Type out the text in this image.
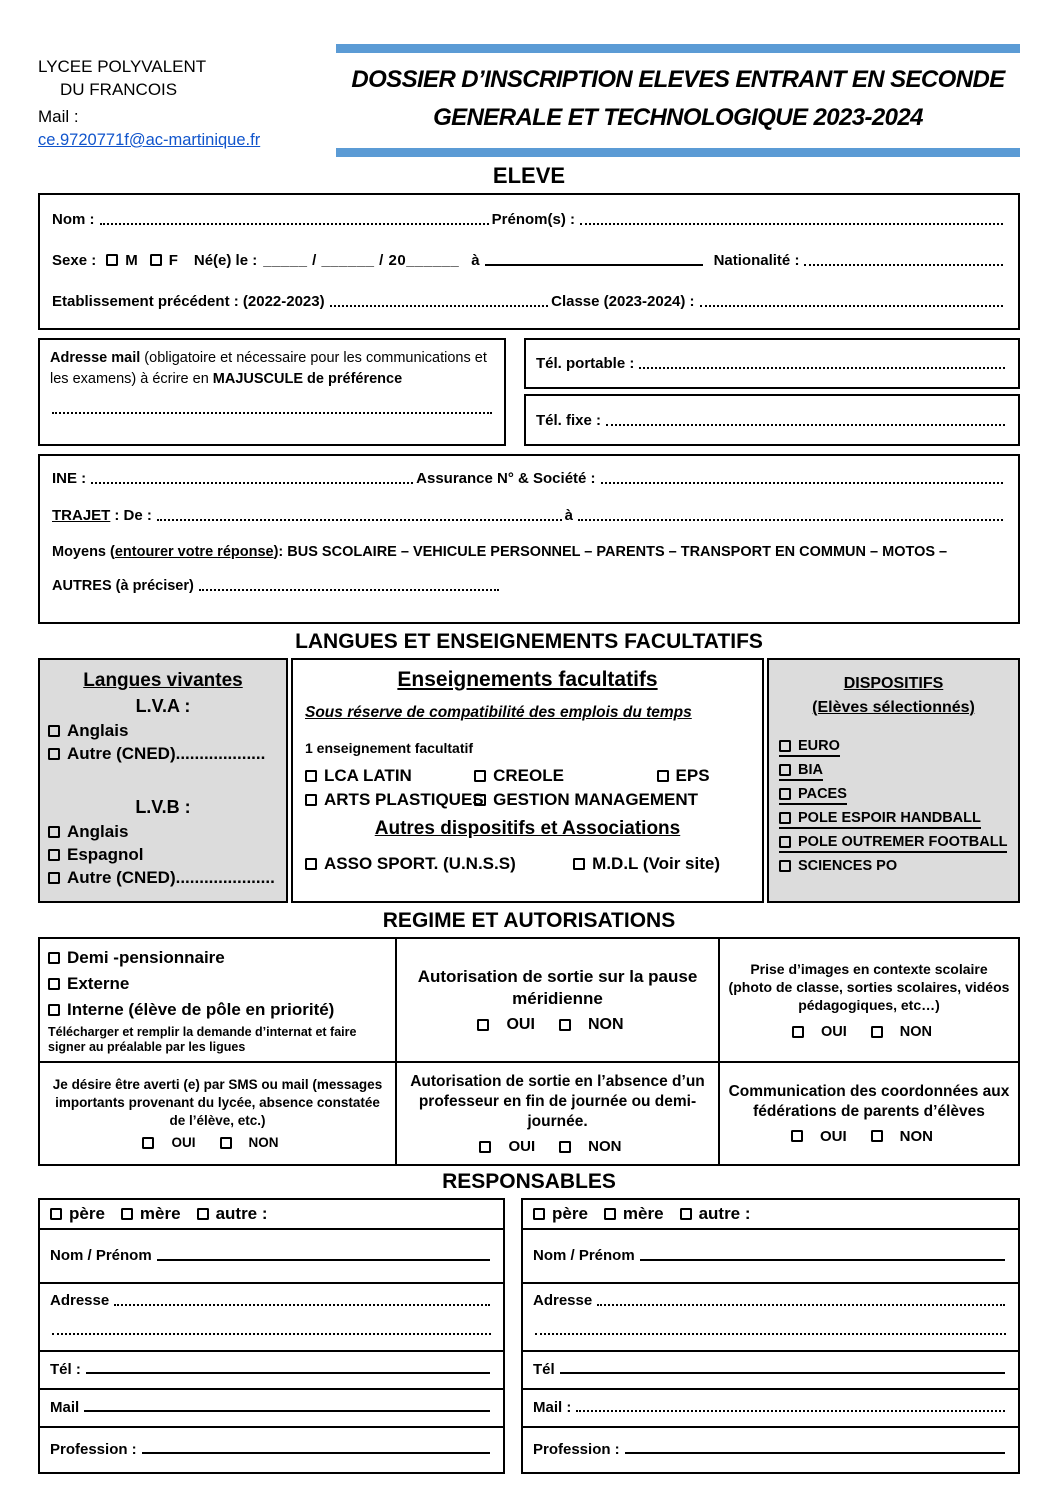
LYCEE POLYVALENT
DU FRANCOIS
Mail :
ce.9720771f@ac-martinique.fr
DOSSIER D’INSCRIPTION ELEVES ENTRANT EN SECONDE
GENERALE ET TECHNOLOGIQUE 2023-2024
ELEVE
Nom :	Prénom(s) :
Sexe : M F Né(e) le : _____ / ______ / 20______ à	Nationalité :
Etablissement précédent : (2022-2023)	Classe (2023-2024) :
Adresse mail (obligatoire et nécessaire pour les communications et les examens) à écrire en MAJUSCULE de préférence
Tél. portable :
Tél. fixe :
INE :	Assurance N° & Société :
TRAJET : De :	à
Moyens (entourer votre réponse): BUS SCOLAIRE – VEHICULE PERSONNEL – PARENTS – TRANSPORT EN COMMUN – MOTOS –
AUTRES (à préciser)
LANGUES ET ENSEIGNEMENTS FACULTATIFS
Langues vivantes
L.V.A :
Anglais
Autre (CNED)...................
L.V.B :
Anglais
Espagnol
Autre (CNED).....................
Enseignements facultatifs
Sous réserve de compatibilité des emplois du temps
1 enseignement facultatif
LCA LATIN	CREOLE	EPS
ARTS PLASTIQUES GESTION MANAGEMENT
Autres dispositifs et Associations
ASSO SPORT. (U.N.S.S)	M.D.L (Voir site)
DISPOSITIFS
(Elèves sélectionnés)
EURO
BIA
PACES
POLE ESPOIR HANDBALL
POLE OUTREMER FOOTBALL
SCIENCES PO
REGIME ET AUTORISATIONS
Demi -pensionnaire
Externe
Interne (élève de pôle en priorité)
Télécharger et remplir la demande d’internat et faire signer au préalable par les ligues
Autorisation de sortie sur la pause méridienne
OUI	NON
Prise d’images en contexte scolaire (photo de classe, sorties scolaires, vidéos pédagogiques, etc…)
OUI	NON
Je désire être averti (e) par SMS ou mail (messages importants provenant du lycée, absence constatée de l’élève, etc.)
OUI	NON
Autorisation de sortie en l’absence d’un professeur en fin de journée ou demi-journée.
OUI	NON
Communication des coordonnées aux fédérations de parents d’élèves
OUI	NON
RESPONSABLES
père mère autre :
Nom / Prénom
Adresse
Tél :
Mail
Profession :
père mère autre :
Nom / Prénom
Adresse
Tél
Mail :
Profession :
